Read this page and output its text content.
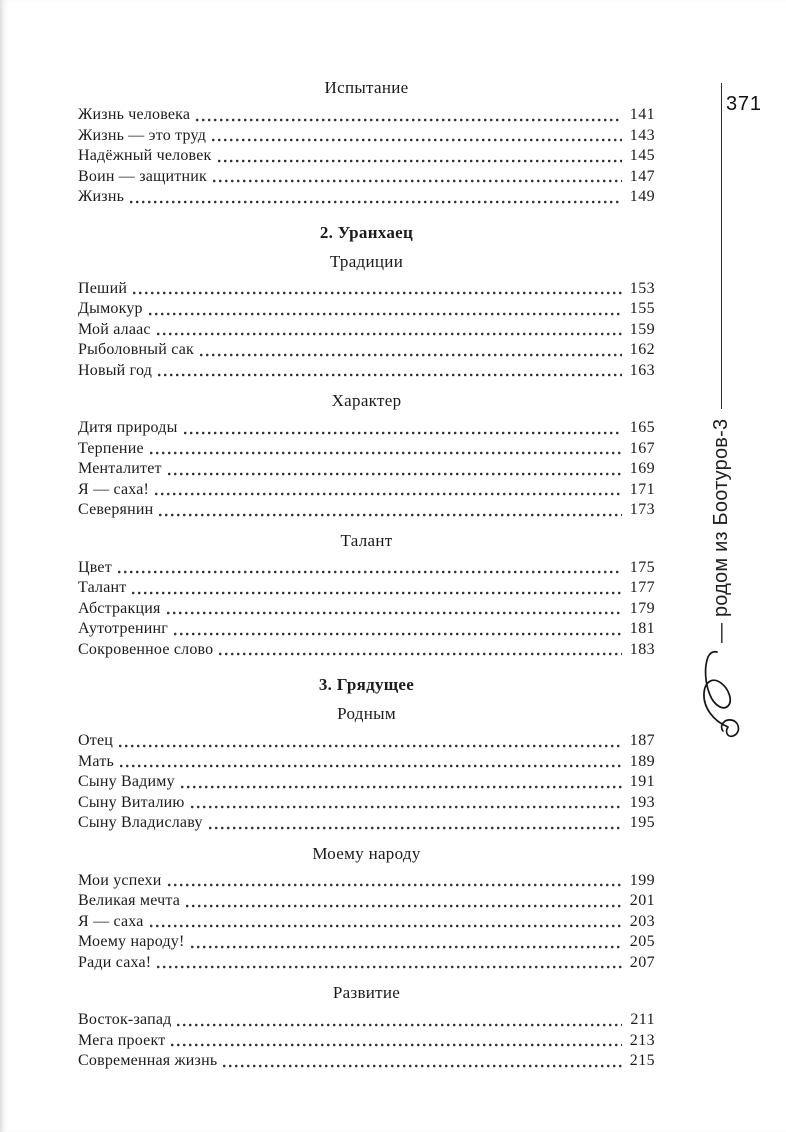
Испытание
Жизнь человека	141
Жизнь — это труд	143
Надёжный человек	145
Воин — защитник	147
Жизнь	149
2. Уранхаец
Традиции
Пеший	153
Дымокур	155
Мой алаас	159
Рыболовный сак	162
Новый год	163
Характер
Дитя природы	165
Терпение	167
Менталитет	169
Я — саха!	171
Северянин	173
Талант
Цвет	175
Талант	177
Абстракция	179
Аутотренинг	181
Сокровенное слово	183
3. Грядущее
Родным
Отец	187
Мать	189
Сыну Вадиму	191
Сыну Виталию	193
Сыну Владиславу	195
Моему народу
Мои успехи	199
Великая мечта	201
Я — саха	203
Моему народу!	205
Ради саха!	207
Развитие
Восток-запад	211
Мега проект	213
Современная жизнь	215
371
— родом из Боотуров-3
